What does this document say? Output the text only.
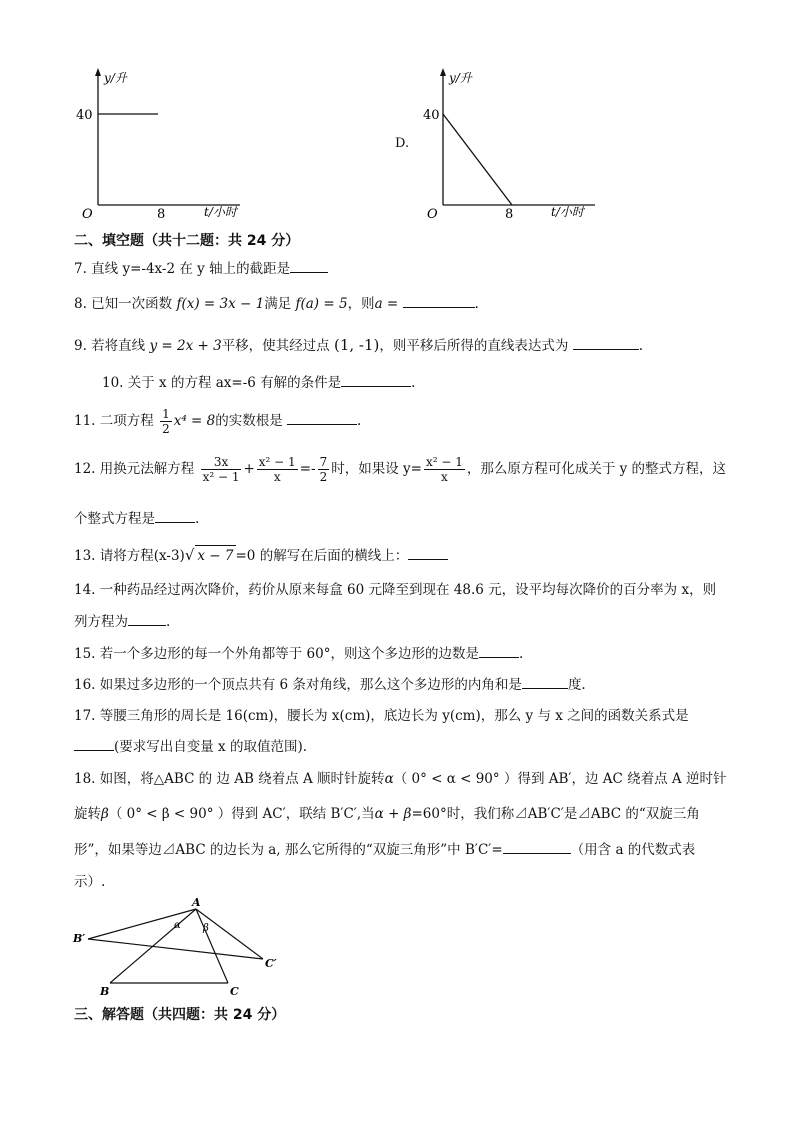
y/升
40
O	8	t/小时
D.
y/升
40
O	8	t/小时
二、填空题（共十二题：共 24 分）
7. 直线 y=-4x-2 在 y 轴上的截距是
8. 已知一次函数 f(x) = 3x − 1满足 f(a) = 5，则a =	.
9. 若将直线 y = 2x + 3平移，使其经过点 (1, -1)，则平移后所得的直线表达式为	.
10. 关于 x 的方程 ax=-6 有解的条件是	.
11. 二项方程 $\frac{1}{2} x^4 = 8$的实数根是	.
12. 用换元法解方程 $\frac{3x}{\text{x² − 1}} + \frac{\text{x² − 1}}{x} =- \frac{7}{2}$ 时，如果设 $y= \frac{\text{x² − 1}}{x}$ ，那么原方程可化成关于 y 的整式方程，这
个整式方程是	.
13. 请将方程(x-3)√ x − 7 =0 的解写在后面的横线上：
14. 一种药品经过两次降价，药价从原来每盒 60 元降至到现在 48.6 元，设平均每次降价的百分率为 x，则
列方程为	.
15. 若一个多边形的每一个外角都等于 60°，则这个多边形的边数是	.
16. 如果过多边形的一个顶点共有 6 条对角线，那么这个多边形的内角和是	度.
17. 等腰三角形的周长是 16(cm)，腰长为 x(cm)，底边长为 y(cm)，那么 y 与 x 之间的函数关系式是
(要求写出自变量 x 的取值范围).
18. 如图，将△ABC 的 边 AB 绕着点 A 顺时针旋转α（ 0° < α < 90° ）得到 AB′，边 AC 绕着点 A 逆时针
旋转β（ 0° < β < 90° ）得到 AC′，联结 B′C′,当α + β=60°时，我们称⊿AB′C′是⊿ABC 的“双旋三角
形”，如果等边⊿ABC 的边长为 a, 那么它所得的“双旋三角形”中 B′C′=	（用含 a 的代数式表
示）.
A
B′
C′
B	C
α β
三、解答题（共四题：共 24 分）
